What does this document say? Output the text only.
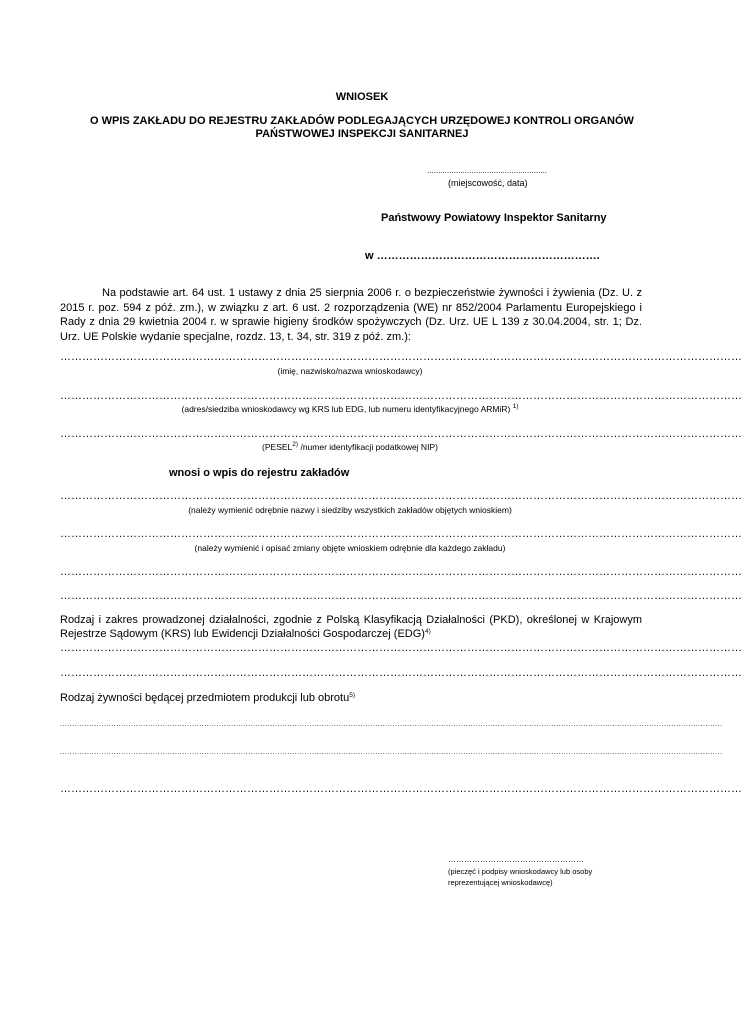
WNIOSEK
O WPIS ZAKŁADU DO REJESTRU ZAKŁADÓW PODLEGAJĄCYCH URZĘDOWEJ KONTROLI ORGANÓW
PAŃSTWOWEJ INSPEKCJI SANITARNEJ
......................................................
(miejscowość, data)
Państwowy Powiatowy Inspektor Sanitarny
w …………………………………………………….
Na podstawie art. 64 ust. 1 ustawy z dnia 25 sierpnia 2006 r. o bezpieczeństwie żywności i żywienia (Dz. U. z 2015 r. poz. 594 z póź. zm.), w związku z art. 6 ust. 2 rozporządzenia (WE) nr 852/2004 Parlamentu Europejskiego i Rady z dnia 29 kwietnia 2004 r. w sprawie higieny środków spożywczych (Dz. Urz. UE L 139 z 30.04.2004, str. 1; Dz. Urz. UE Polskie wydanie specjalne, rozdz. 13, t. 34, str. 319 z póź. zm.):
……………………………………………………………………………………………………………………………………………………………………
(imię, nazwisko/nazwa wnioskodawcy)
……………………………………………………………………………………………………………………………………………………………………
(adres/siedziba wnioskodawcy wg KRS lub EDG, lub numeru identyfikacyjnego ARMiR) $^{1)}$
……………………………………………………………………………………………………………………………………………………………………
(PESEL$^{2)}$ /numer identyfikacji podatkowej NIP)
wnosi o wpis do rejestru zakładów
……………………………………………………………………………………………………………………………………………………………………
(należy wymienić odrębnie nazwy i siedziby wszystkich zakładów objętych wnioskiem)
……………………………………………………………………………………………………………………………………………………………………
(należy wymienić i opisać zmiany objęte wnioskiem odrębnie dla każdego zakładu)
……………………………………………………………………………………………………………………………………………………………………
……………………………………………………………………………………………………………………………………………………………………
Rodzaj i zakres prowadzonej działalności, zgodnie z Polską Klasyfikacją Działalności (PKD), określonej w Krajowym
Rejestrze Sądowym (KRS) lub Ewidencji Działalności Gospodarczej (EDG)$^{4)}$
……………………………………………………………………………………………………………………………………………………………………
……………………………………………………………………………………………………………………………………………………………………
Rodzaj żywności będącej przedmiotem produkcji lub obrotu$^{5)}$
...............................................................................................................................................................................................................................................................................
...............................................................................................................................................................................................................................................................................
……………………………………………………………………………………………………………………………………………………………………
……………………………………………
(pieczęć i podpisy wnioskodawcy lub osoby
reprezentującej wnioskodawcę)
